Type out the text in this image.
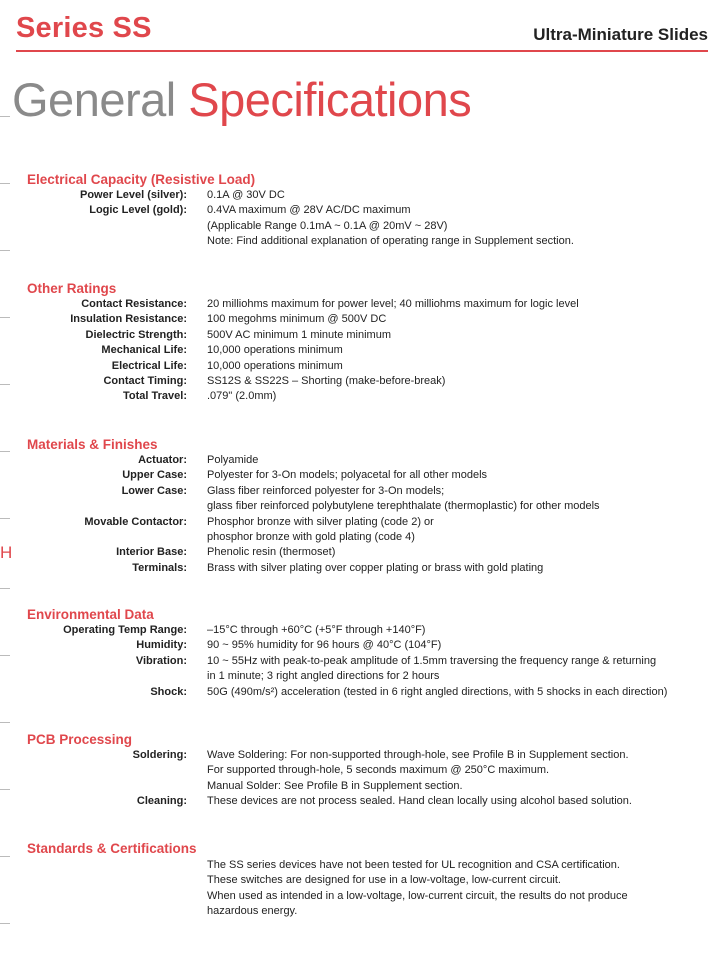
Series SS	Ultra-Miniature Slides
General Specifications
H
Electrical Capacity (Resistive Load)
Power Level (silver): 0.1A @ 30V DC
Logic Level (gold): 0.4VA maximum @ 28V AC/DC maximum
(Applicable Range 0.1mA ~ 0.1A @ 20mV ~ 28V)
Note: Find additional explanation of operating range in Supplement section.
Other Ratings
Contact Resistance: 20 milliohms maximum for power level; 40 milliohms maximum for logic level
Insulation Resistance: 100 megohms minimum @ 500V DC
Dielectric Strength: 500V AC minimum 1 minute minimum
Mechanical Life: 10,000 operations minimum
Electrical Life: 10,000 operations minimum
Contact Timing: SS12S & SS22S – Shorting (make-before-break)
Total Travel: .079" (2.0mm)
Materials & Finishes
Actuator: Polyamide
Upper Case: Polyester for 3-On models; polyacetal for all other models
Lower Case: Glass fiber reinforced polyester for 3-On models;
glass fiber reinforced polybutylene terephthalate (thermoplastic) for other models
Movable Contactor: Phosphor bronze with silver plating (code 2) or
phosphor bronze with gold plating (code 4)
Interior Base: Phenolic resin (thermoset)
Terminals: Brass with silver plating over copper plating or brass with gold plating
Environmental Data
Operating Temp Range: –15°C through +60°C (+5°F through +140°F)
Humidity: 90 ~ 95% humidity for 96 hours @ 40°C (104°F)
Vibration: 10 ~ 55Hz with peak-to-peak amplitude of 1.5mm traversing the frequency range & returning
in 1 minute; 3 right angled directions for 2 hours
Shock: 50G (490m/s²) acceleration (tested in 6 right angled directions, with 5 shocks in each direction)
PCB Processing
Soldering: Wave Soldering: For non-supported through-hole, see Profile B in Supplement section.
For supported through-hole, 5 seconds maximum @ 250°C maximum.
Manual Solder: See Profile B in Supplement section.
Cleaning: These devices are not process sealed. Hand clean locally using alcohol based solution.
Standards & Certifications
The SS series devices have not been tested for UL recognition and CSA certification.
These switches are designed for use in a low-voltage, low-current circuit.
When used as intended in a low-voltage, low-current circuit, the results do not produce
hazardous energy.
